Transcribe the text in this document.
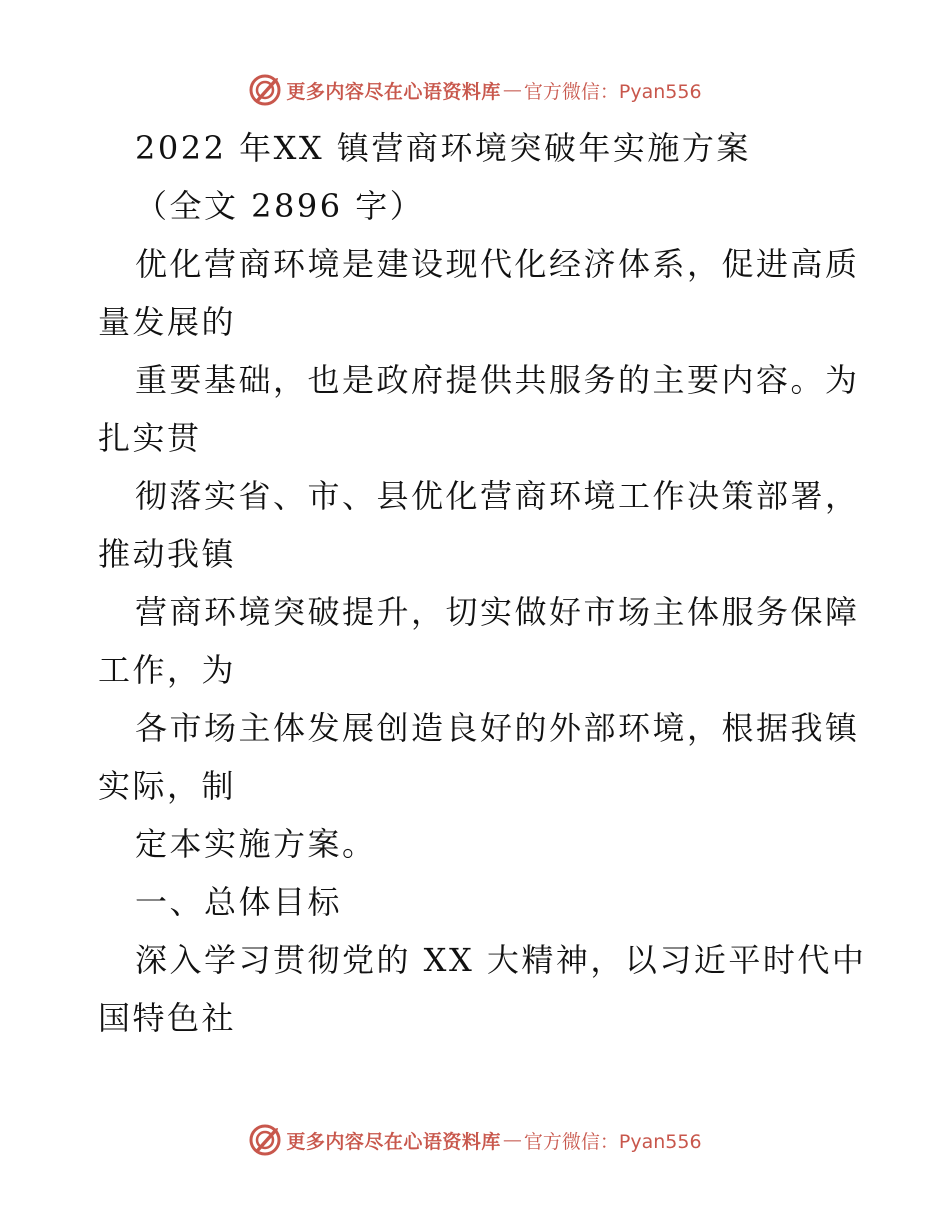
更多内容尽在心语资料库 — 官方微信：Pyan556
2022 年XX 镇营商环境突破年实施方案
（全文 2896 字）
优化营商环境是建设现代化经济体系，促进高质
量发展的
重要基础，也是政府提供共服务的主要内容。为
扎实贯
彻落实省、市、县优化营商环境工作决策部署，
推动我镇
营商环境突破提升，切实做好市场主体服务保障
工作，为
各市场主体发展创造良好的外部环境，根据我镇
实际，制
定本实施方案。
一、总体目标
深入学习贯彻党的 XX 大精神，以习近平时代中
国特色社
更多内容尽在心语资料库 — 官方微信：Pyan556
